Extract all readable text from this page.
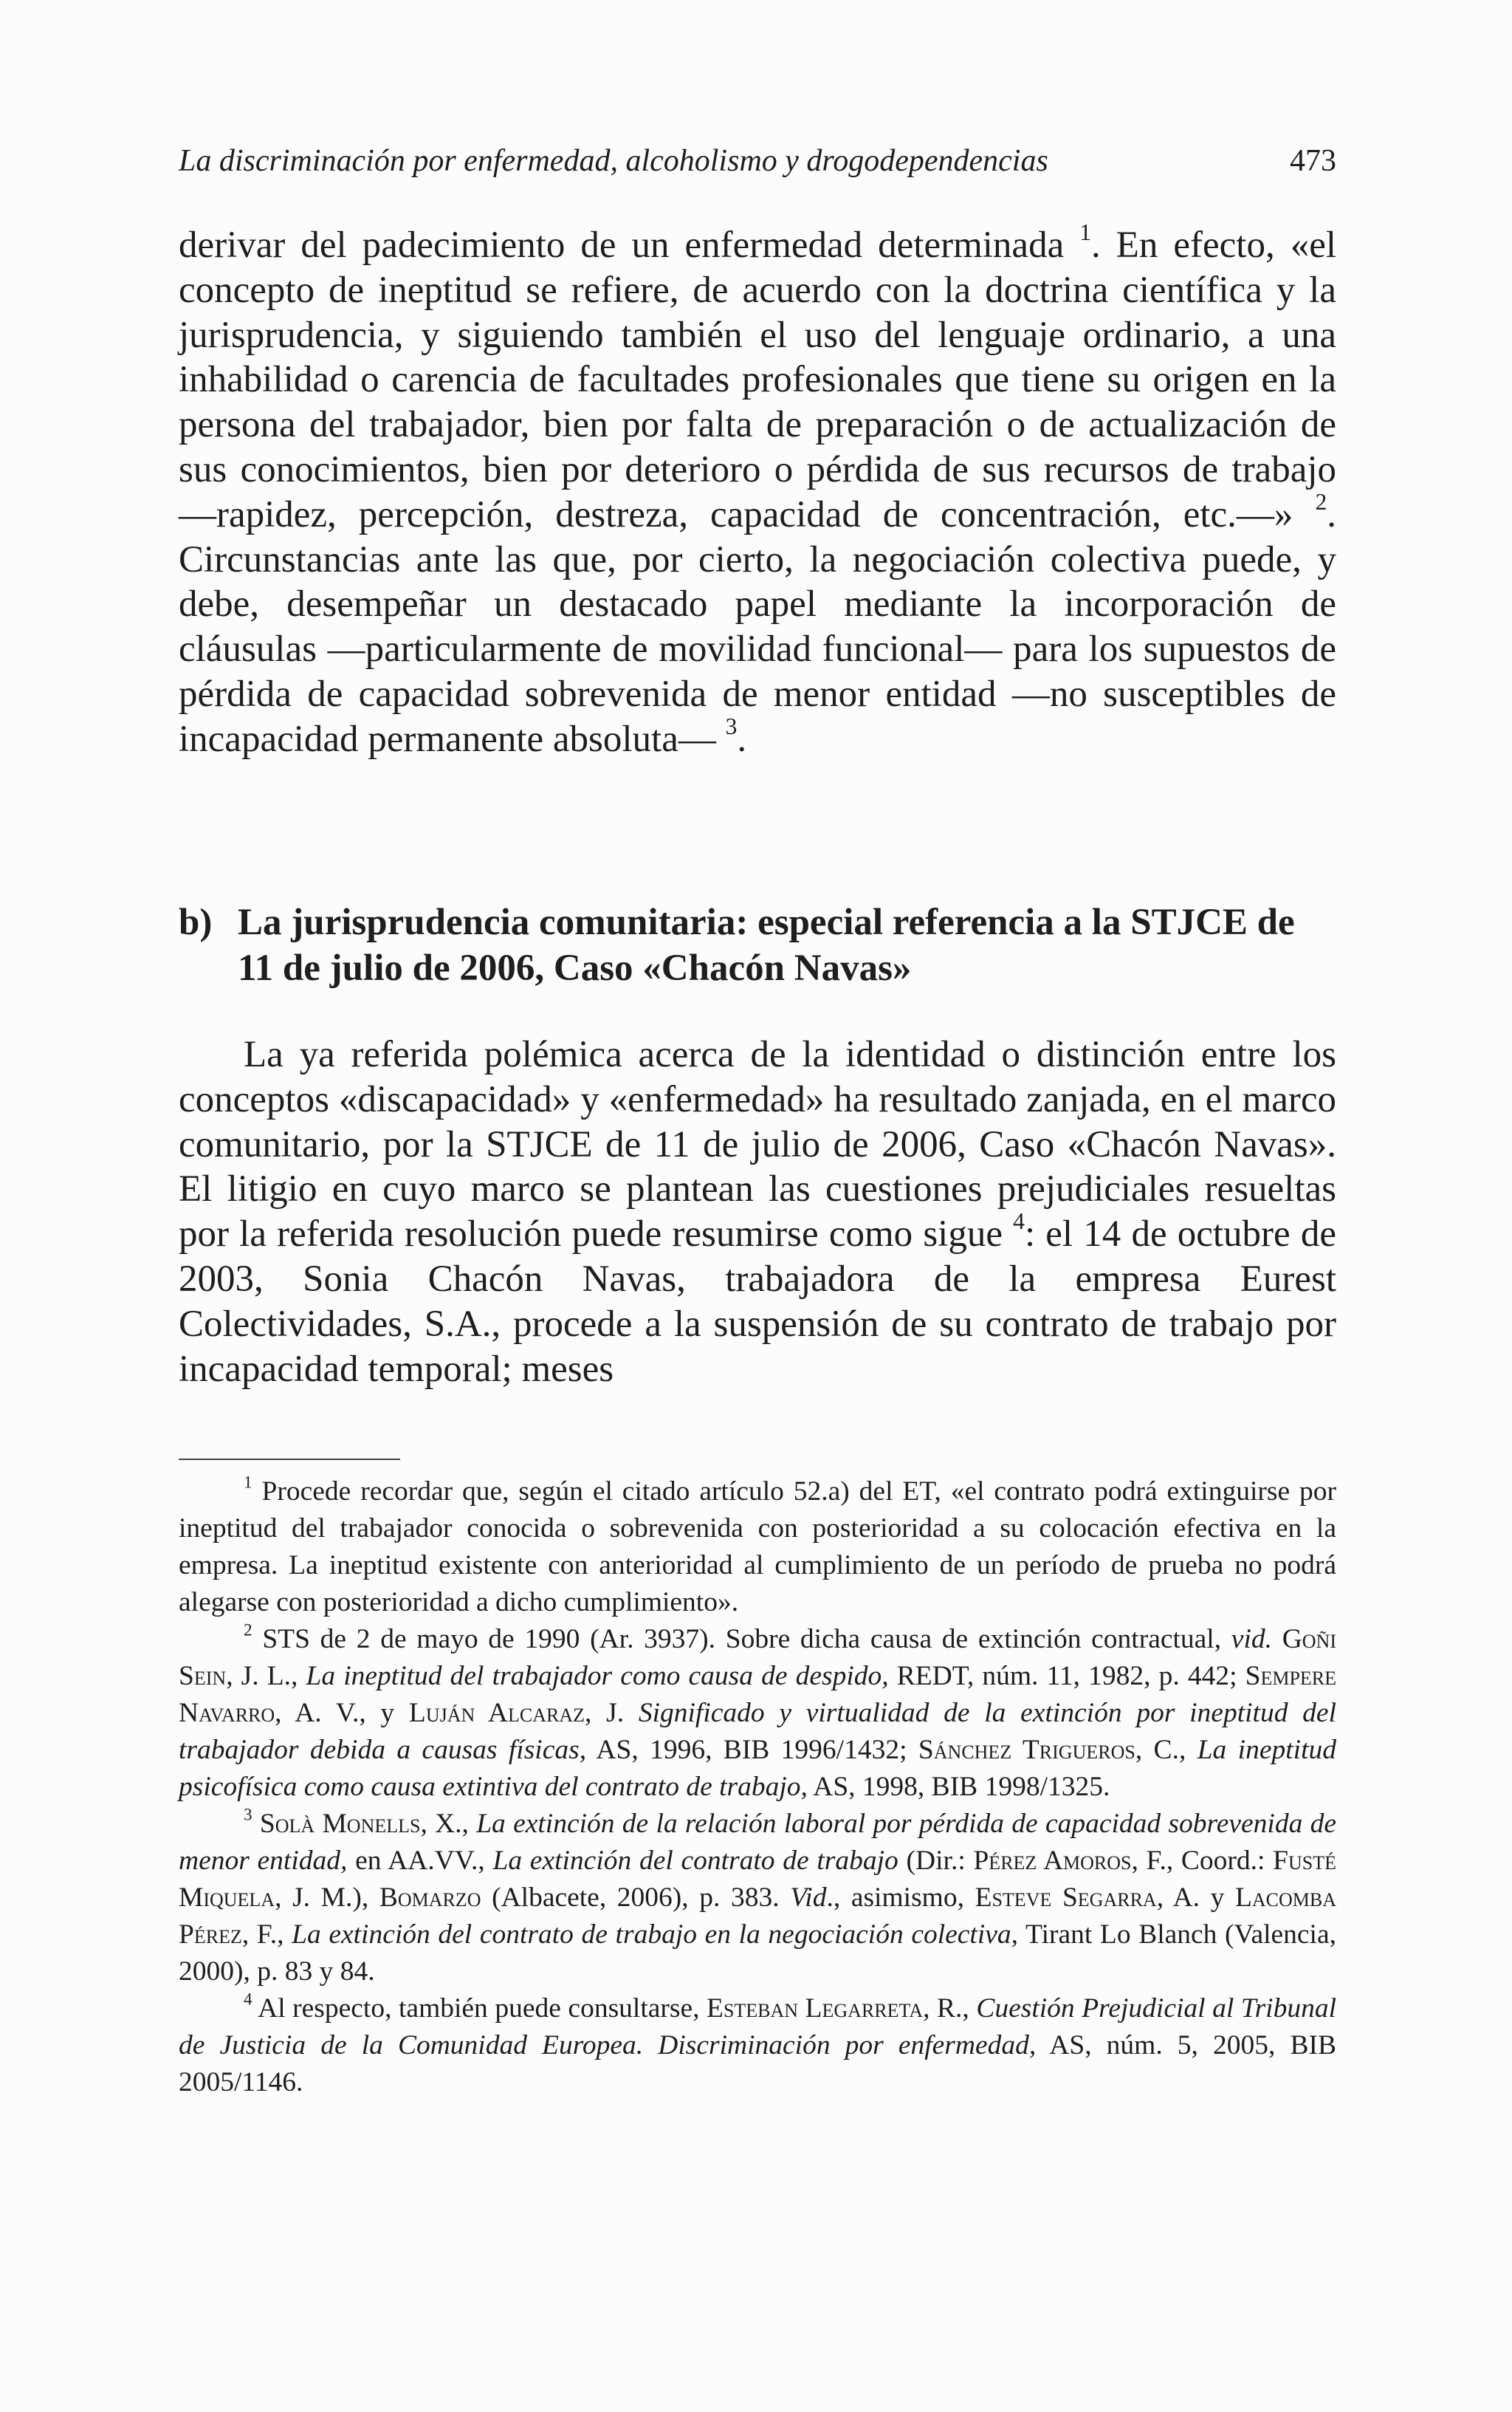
La discriminación por enfermedad, alcoholismo y drogodependencias	473

derivar del padecimiento de un enfermedad determinada $^1$. En efecto, «el concepto de ineptitud se refiere, de acuerdo con la doctrina científica y la jurisprudencia, y siguiendo también el uso del lenguaje ordinario, a una inhabilidad o carencia de facultades profesionales que tiene su origen en la persona del trabajador, bien por falta de preparación o de actualización de sus conocimientos, bien por deterioro o pérdida de sus recursos de trabajo —rapidez, percepción, destreza, capacidad de concentración, etc.—» $^2$. Circunstancias ante las que, por cierto, la negociación colectiva puede, y debe, desempeñar un destacado papel mediante la incorporación de cláusulas —particularmente de movilidad funcional— para los supuestos de pérdida de capacidad sobrevenida de menor entidad —no susceptibles de incapacidad permanente absoluta— $^3$.

b) La jurisprudencia comunitaria: especial referencia a la STJCE de 11 de julio de 2006, Caso «Chacón Navas»

La ya referida polémica acerca de la identidad o distinción entre los conceptos «discapacidad» y «enfermedad» ha resultado zanjada, en el marco comunitario, por la STJCE de 11 de julio de 2006, Caso «Chacón Navas». El litigio en cuyo marco se plantean las cuestiones prejudiciales resueltas por la referida resolución puede resumirse como sigue $^4$: el 14 de octubre de 2003, Sonia Chacón Navas, trabajadora de la empresa Eurest Colectividades, S.A., procede a la suspensión de su contrato de trabajo por incapacidad temporal; meses

$^1$ Procede recordar que, según el citado artículo 52.a) del ET, «el contrato podrá extinguirse por ineptitud del trabajador conocida o sobrevenida con posterioridad a su colocación efectiva en la empresa. La ineptitud existente con anterioridad al cumplimiento de un período de prueba no podrá alegarse con posterioridad a dicho cumplimiento».

$^2$ STS de 2 de mayo de 1990 (Ar. 3937). Sobre dicha causa de extinción contractual, vid. Goñi Sein, J. L., La ineptitud del trabajador como causa de despido, REDT, núm. 11, 1982, p. 442; Sempere Navarro, A. V., y Luján Alcaraz, J. Significado y virtualidad de la extinción por ineptitud del trabajador debida a causas físicas, AS, 1996, BIB 1996/1432; Sánchez Trigueros, C., La ineptitud psicofísica como causa extintiva del contrato de trabajo, AS, 1998, BIB 1998/1325.

$^3$ Solà Monells, X., La extinción de la relación laboral por pérdida de capacidad sobrevenida de menor entidad, en AA.VV., La extinción del contrato de trabajo (Dir.: Pérez Amoros, F., Coord.: Fusté Miquela, J. M.), Bomarzo (Albacete, 2006), p. 383. Vid., asimismo, Esteve Segarra, A. y Lacomba Pérez, F., La extinción del contrato de trabajo en la negociación colectiva, Tirant Lo Blanch (Valencia, 2000), p. 83 y 84.

$^4$ Al respecto, también puede consultarse, Esteban Legarreta, R., Cuestión Prejudicial al Tribunal de Justicia de la Comunidad Europea. Discriminación por enfermedad, AS, núm. 5, 2005, BIB 2005/1146.
